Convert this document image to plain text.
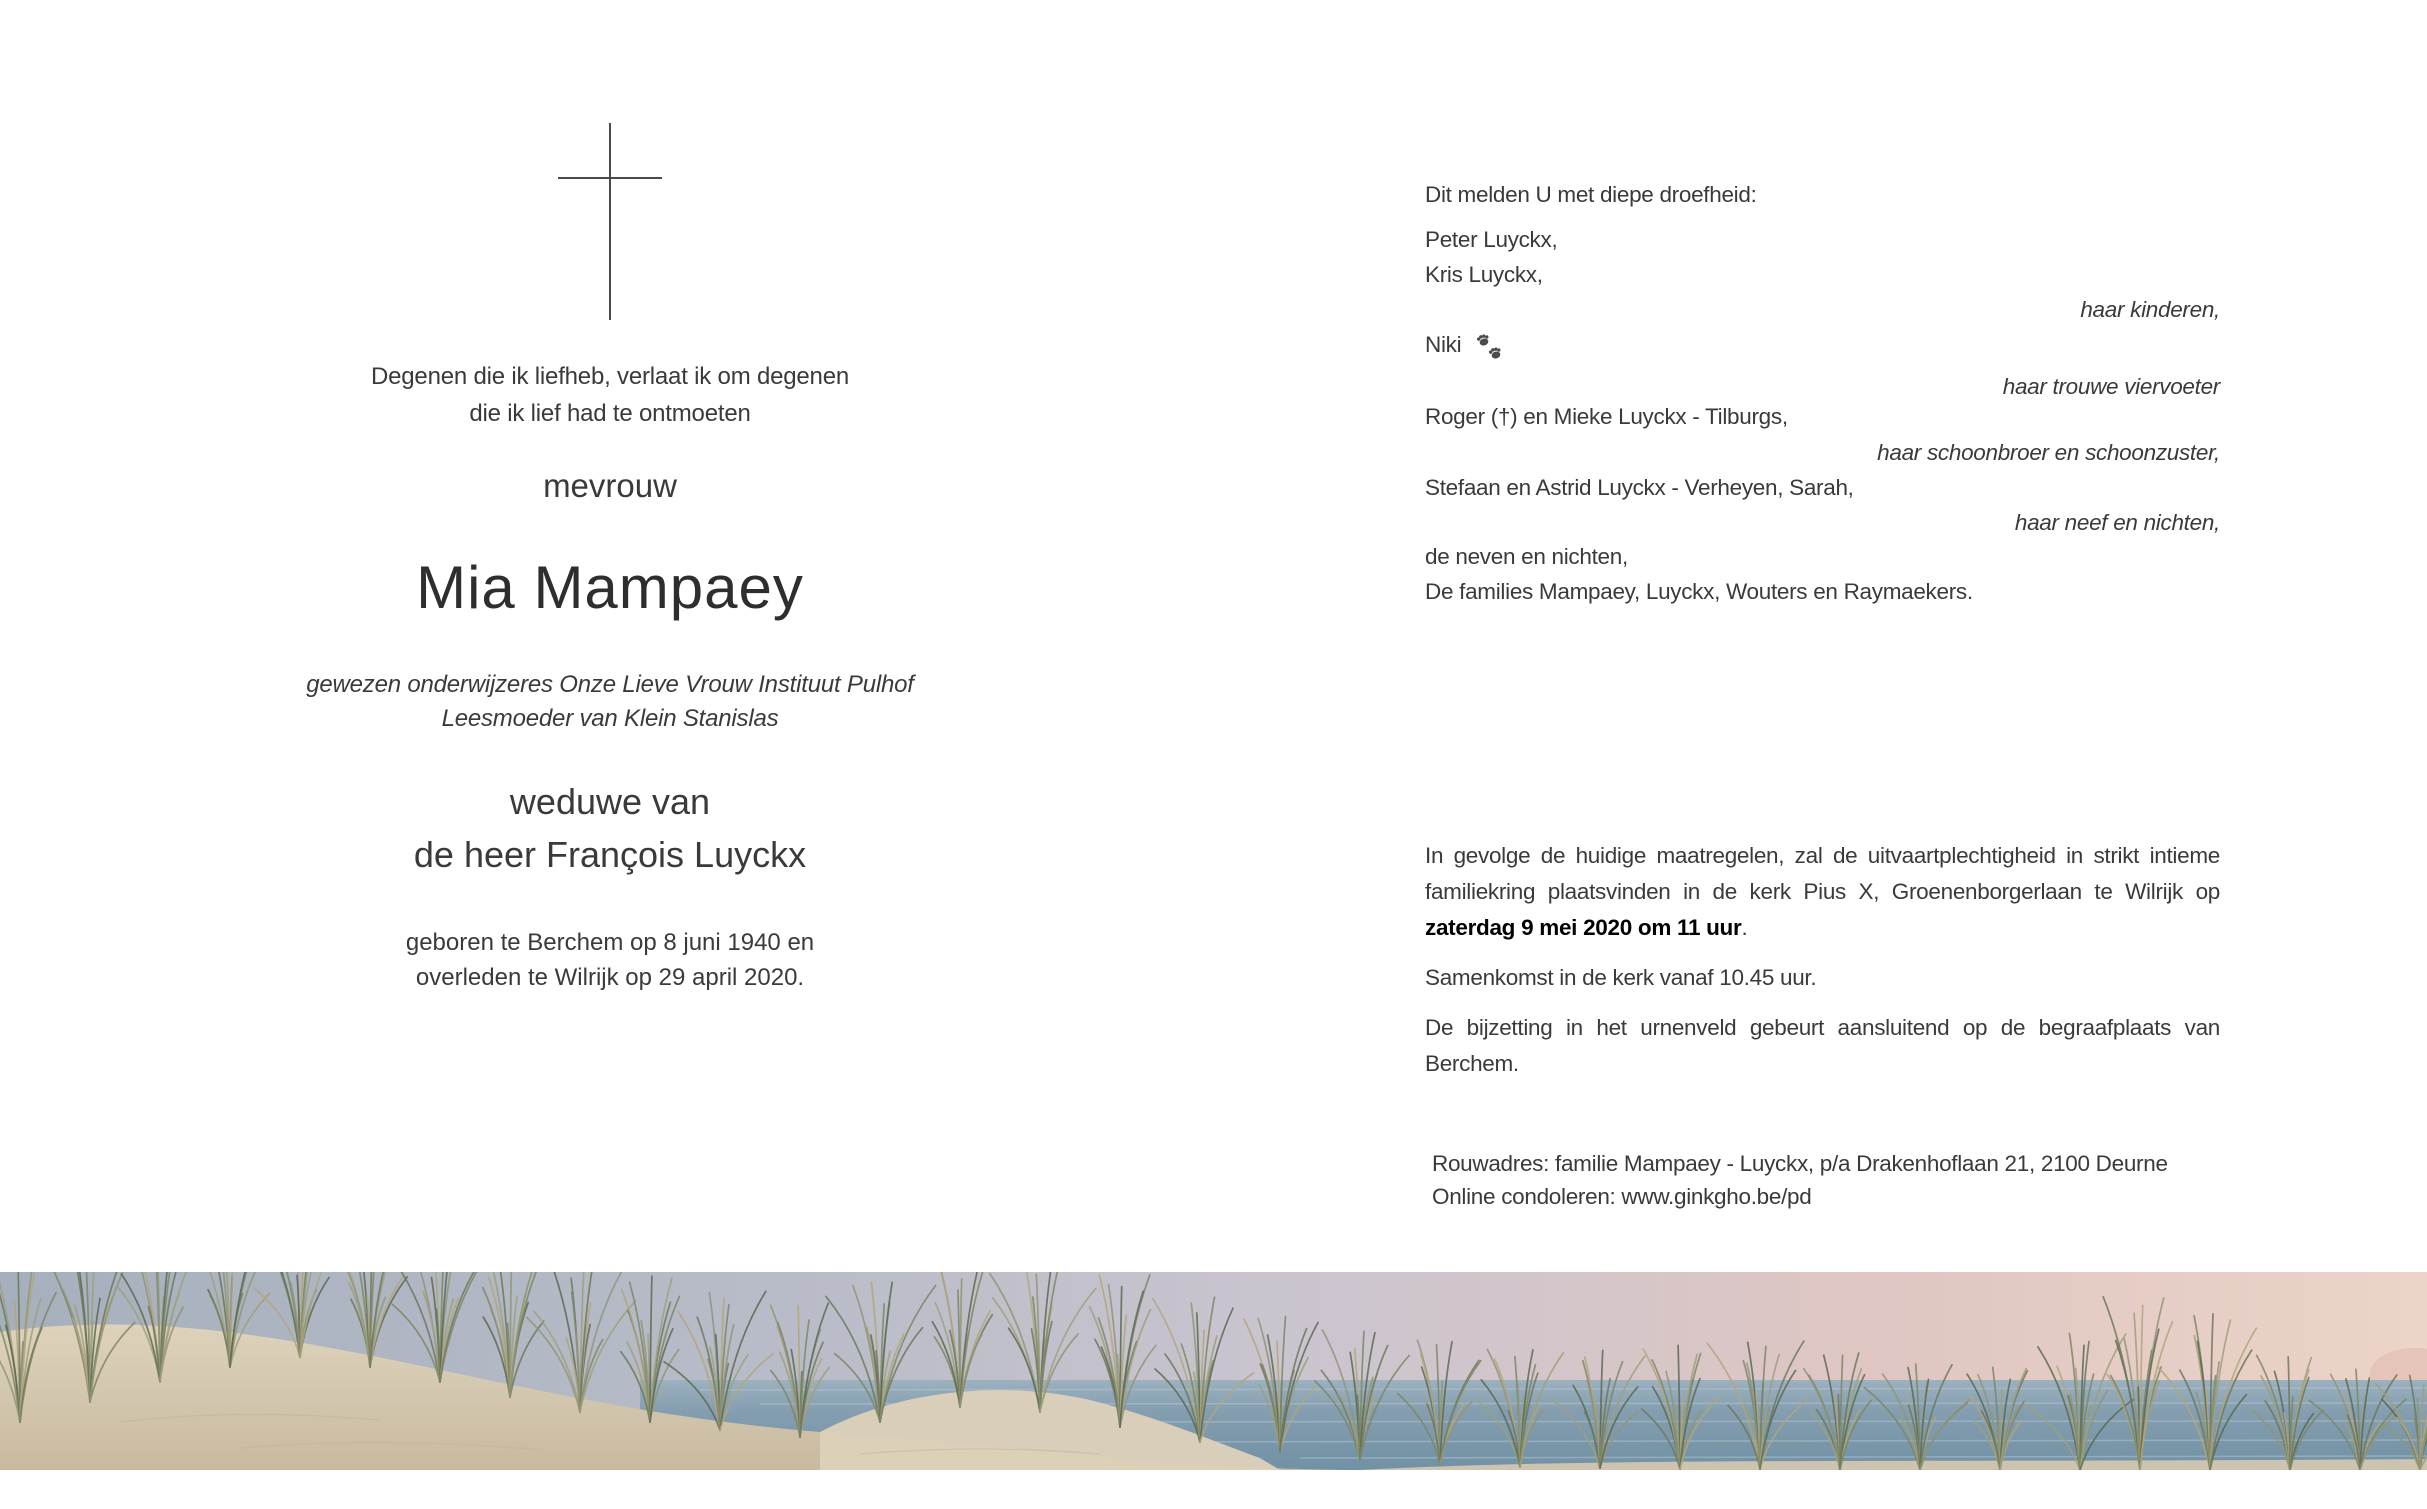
Degenen die ik liefheb, verlaat ik om degenen
die ik lief had te ontmoeten
mevrouw
Mia Mampaey
gewezen onderwijzeres Onze Lieve Vrouw Instituut Pulhof
Leesmoeder van Klein Stanislas
weduwe van
de heer François Luyckx
geboren te Berchem op 8 juni 1940 en
overleden te Wilrijk op 29 april 2020.
Dit melden U met diepe droefheid:
Peter Luyckx,
Kris Luyckx,
haar kinderen,
Niki
haar trouwe viervoeter
Roger (†) en Mieke Luyckx - Tilburgs,
haar schoonbroer en schoonzuster,
Stefaan en Astrid Luyckx - Verheyen, Sarah,
haar neef en nichten,
de neven en nichten,
De families Mampaey, Luyckx, Wouters en Raymaekers.
In gevolge de huidige maatregelen, zal de uitvaartplechtigheid in strikt intieme familiekring plaatsvinden in de kerk Pius X, Groenenborgerlaan te Wilrijk op zaterdag 9 mei 2020 om 11 uur.
Samenkomst in de kerk vanaf 10.45 uur.
De bijzetting in het urnenveld gebeurt aansluitend op de begraafplaats van Berchem.
Rouwadres: familie Mampaey - Luyckx, p/a Drakenhoflaan 21, 2100 Deurne
Online condoleren: www.ginkgho.be/pd
